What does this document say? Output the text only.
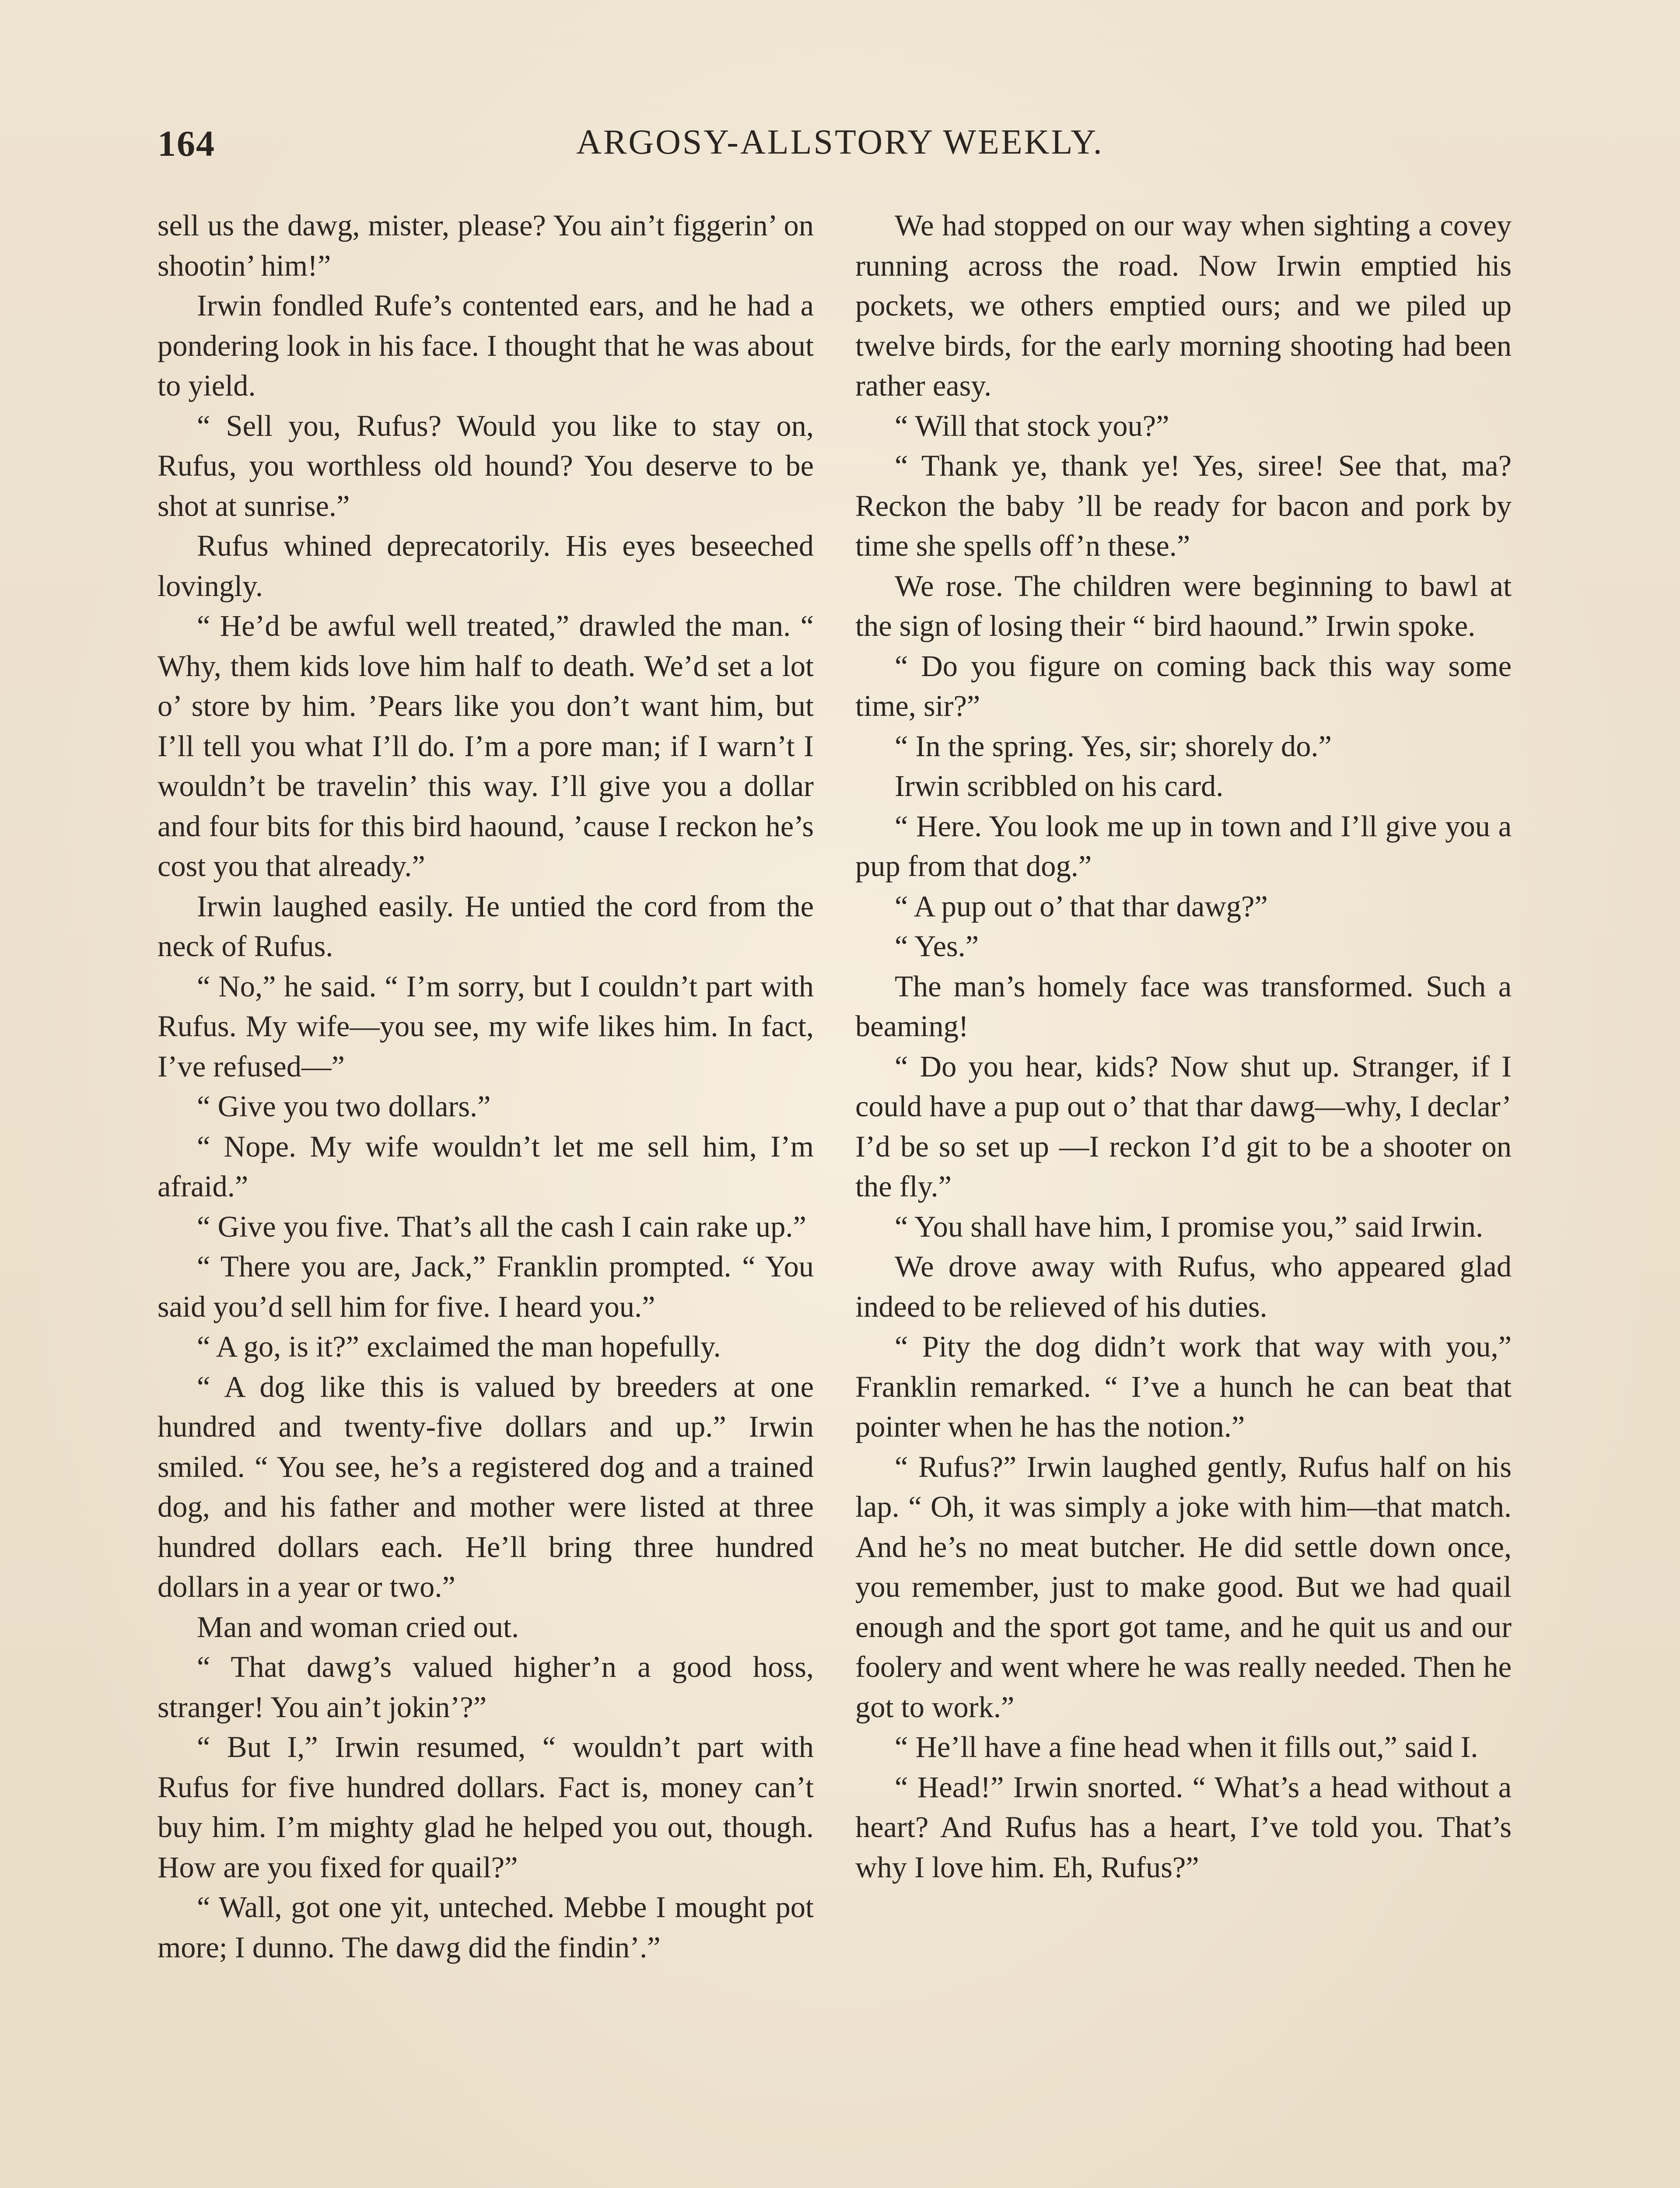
164	ARGOSY-ALLSTORY WEEKLY.

sell us the dawg, mister, please? You ain’t figgerin’ on shootin’ him!”

Irwin fondled Rufe’s contented ears, and he had a pondering look in his face. I thought that he was about to yield.

“ Sell you, Rufus? Would you like to stay on, Rufus, you worthless old hound? You deserve to be shot at sunrise.”

Rufus whined deprecatorily. His eyes beseeched lovingly.

“ He’d be awful well treated,” drawled the man. “ Why, them kids love him half to death. We’d set a lot o’ store by him. ’Pears like you don’t want him, but I’ll tell you what I’ll do. I’m a pore man; if I warn’t I wouldn’t be travelin’ this way. I’ll give you a dollar and four bits for this bird haound, ’cause I reckon he’s cost you that already.”

Irwin laughed easily. He untied the cord from the neck of Rufus.

“ No,” he said. “ I’m sorry, but I couldn’t part with Rufus. My wife—you see, my wife likes him. In fact, I’ve refused—”

“ Give you two dollars.”

“ Nope. My wife wouldn’t let me sell him, I’m afraid.”

“ Give you five. That’s all the cash I cain rake up.”

“ There you are, Jack,” Franklin prompted. “ You said you’d sell him for five. I heard you.”

“ A go, is it?” exclaimed the man hopefully.

“ A dog like this is valued by breeders at one hundred and twenty-five dollars and up.” Irwin smiled. “ You see, he’s a registered dog and a trained dog, and his father and mother were listed at three hundred dollars each. He’ll bring three hundred dollars in a year or two.”

Man and woman cried out.

“ That dawg’s valued higher’n a good hoss, stranger! You ain’t jokin’?”

“ But I,” Irwin resumed, “ wouldn’t part with Rufus for five hundred dollars. Fact is, money can’t buy him. I’m mighty glad he helped you out, though. How are you fixed for quail?”

“ Wall, got one yit, unteched. Mebbe I mought pot more; I dunno. The dawg did the findin’.”

We had stopped on our way when sighting a covey running across the road. Now Irwin emptied his pockets, we others emptied ours; and we piled up twelve birds, for the early morning shooting had been rather easy.

“ Will that stock you?”

“ Thank ye, thank ye! Yes, siree! See that, ma? Reckon the baby ’ll be ready for bacon and pork by time she spells off’n these.”

We rose. The children were beginning to bawl at the sign of losing their “ bird haound.” Irwin spoke.

“ Do you figure on coming back this way some time, sir?”

“ In the spring. Yes, sir; shorely do.”

Irwin scribbled on his card.

“ Here. You look me up in town and I’ll give you a pup from that dog.”

“ A pup out o’ that thar dawg?”

“ Yes.”

The man’s homely face was transformed. Such a beaming!

“ Do you hear, kids? Now shut up. Stranger, if I could have a pup out o’ that thar dawg—why, I declar’ I’d be so set up —I reckon I’d git to be a shooter on the fly.”

“ You shall have him, I promise you,” said Irwin.

We drove away with Rufus, who appeared glad indeed to be relieved of his duties.

“ Pity the dog didn’t work that way with you,” Franklin remarked. “ I’ve a hunch he can beat that pointer when he has the notion.”

“ Rufus?” Irwin laughed gently, Rufus half on his lap. “ Oh, it was simply a joke with him—that match. And he’s no meat butcher. He did settle down once, you remember, just to make good. But we had quail enough and the sport got tame, and he quit us and our foolery and went where he was really needed. Then he got to work.”

“ He’ll have a fine head when it fills out,” said I.

“ Head!” Irwin snorted. “ What’s a head without a heart? And Rufus has a heart, I’ve told you. That’s why I love him. Eh, Rufus?”
